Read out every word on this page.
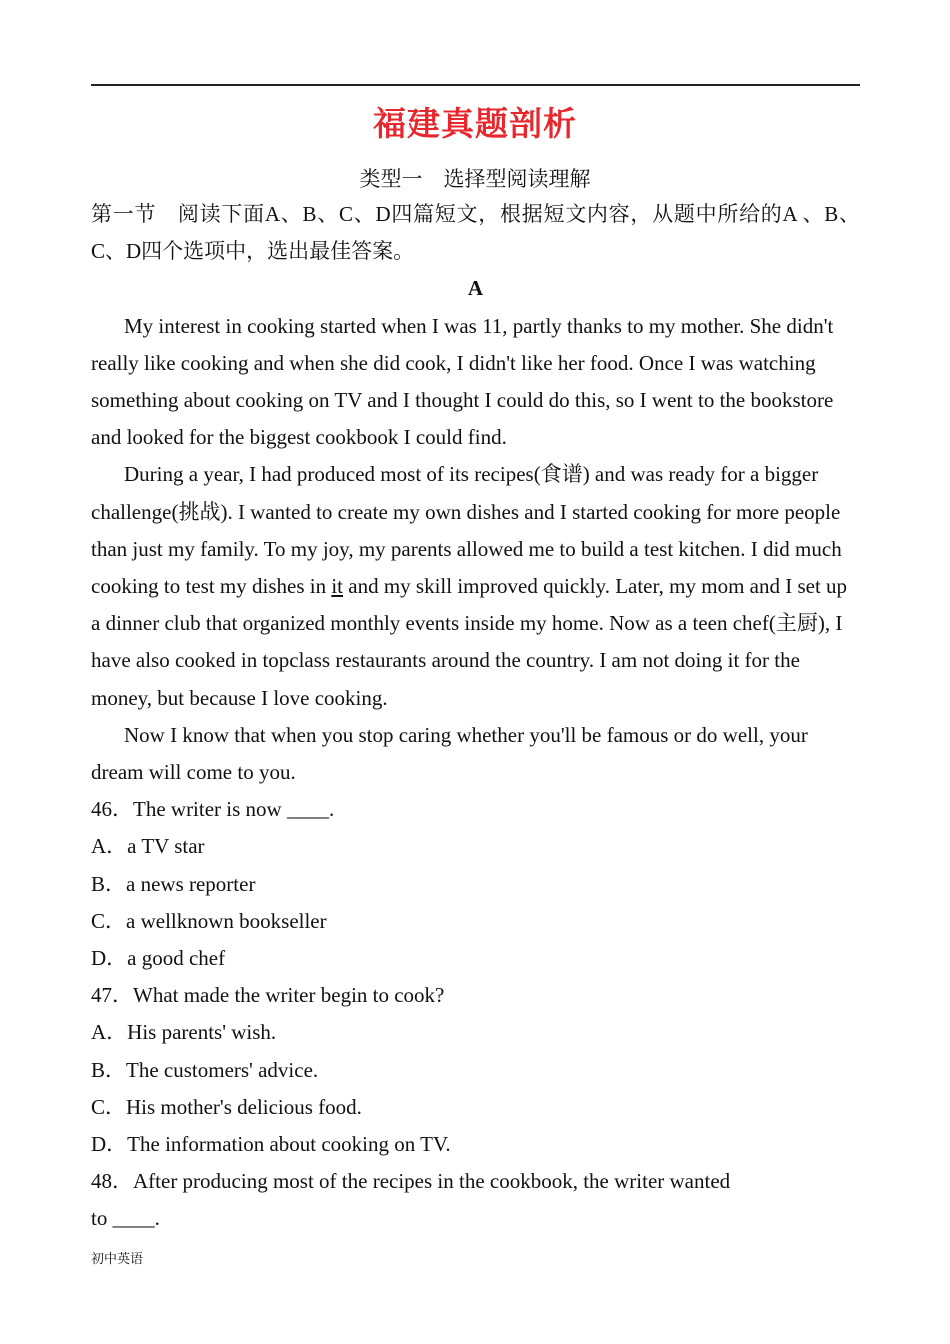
福建真题剖析
类型一    选择型阅读理解

第一节　阅读下面A、B、C、D四篇短文，根据短文内容，从题中所给的A 、B、C、D四个选项中，选出最佳答案。

A

My interest in cooking started when I was 11, partly thanks to my mother. She didn't really like cooking and when she did cook, I didn't like her food. Once I was watching something about cooking on TV and I thought I could do this, so I went to the bookstore and looked for the biggest cookbook I could find.

During a year, I had produced most of its recipes(食谱) and was ready for a bigger challenge(挑战). I wanted to create my own dishes and I started cooking for more people than just my family. To my joy, my parents allowed me to build a test kitchen. I did much cooking to test my dishes in it and my skill improved quickly. Later, my mom and I set up a dinner club that organized monthly events inside my home. Now as a teen chef(主厨), I have also cooked in topclass restaurants around the country. I am not doing it for the money, but because I love cooking.

Now I know that when you stop caring whether you'll be famous or do well, your dream will come to you.

46．The writer is now ____.

A．a TV star

B．a news reporter

C．a wellknown bookseller

D．a good chef

47．What made the writer begin to cook?

A．His parents' wish.

B．The customers' advice.

C．His mother's delicious food.

D．The information about cooking on TV.

48．After producing most of the recipes in the cookbook, the writer wanted

to ____.

初中英语
